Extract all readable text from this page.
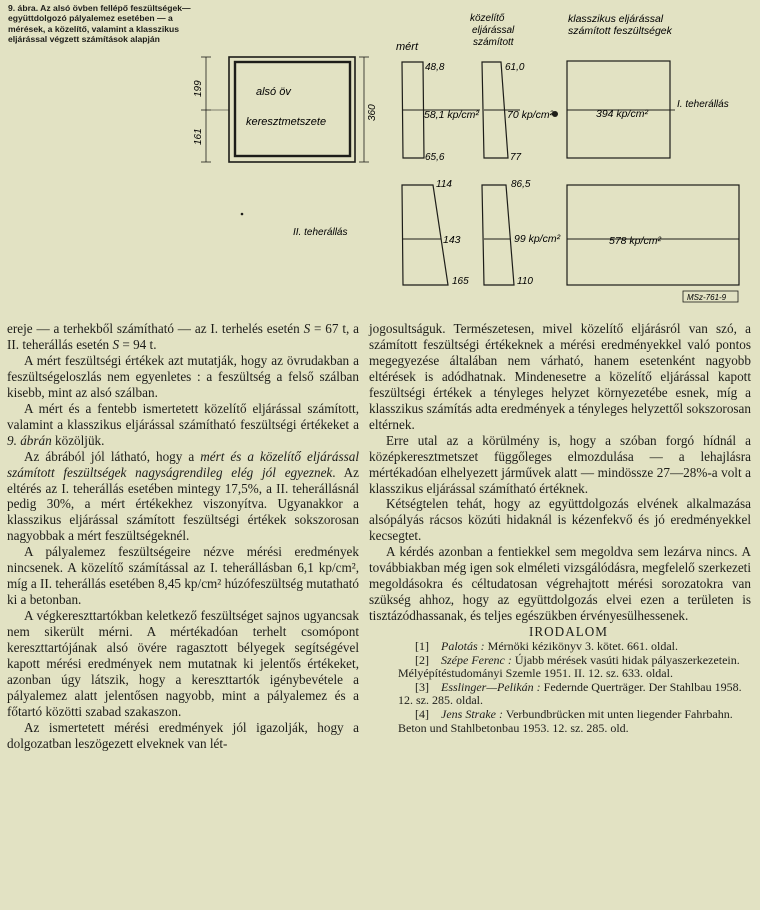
9. ábra. Az alsó övben fellépő feszültségek—együttdolgozó pályalemez esetében — a mérések, a közelítő, valamint a klasszikus eljárással végzett számítások alapján
mért
közelítő
eljárással
számított
klasszikus eljárással
számított feszültségek
alsó öv
keresztmetszete
199
161
360	I. teherállás
II. teherállás
48,8
58,1 kp/cm²
65,6
61,0
70 kp/cm²
77
394 kp/cm²
114
143
165
86,5
99 kp/cm²
110
578 kp/cm²
MSz-761-9

erejе — a terhekből számítható — az I. terhelés esetén S = 67 t, a II. teherállás esetén S = 94 t.

A mért feszültségi értékek azt mutatják, hogy az övrudakban a feszültségeloszlás nem egyenletes : a feszültség a felső szálban kisebb, mint az alsó szálban.

A mért és a fentebb ismertetett közelítő eljárással számított, valamint a klasszikus eljárással számítható feszültségi értékeket a 9. ábrán közöljük.

Az ábrából jól látható, hogy a mért és a közelítő eljárással számított feszültségek nagyságrendileg elég jól egyeznek. Az eltérés az I. teherállás esetében mintegy 17,5%, a II. teherállásnál pedig 30%, a mért értékekhez viszonyítva. Ugyanakkor a klasszikus eljárással számított feszültségi értékek sokszorosan nagyobbak a mért feszültségeknél.

A pályalemez feszültségeire nézve mérési eredmények nincsenek. A közelítő számítással az I. teherállásban 6,1 kp/cm², míg a II. teherállás esetében 8,45 kp/cm² húzófeszültség mutatható ki a betonban.

A végkereszttartókban keletkező feszültséget sajnos ugyancsak nem sikerült mérni. A mértékadóan terhelt csomópont kereszttartójának alsó övére ragasztott bélyegek segítségével kapott mérési eredmények nem mutatnak ki jelentős értékeket, azonban úgy látszik, hogy a kereszttartók igénybevétele a pályalemez alatt jelentősen nagyobb, mint a pályalemez és a főtartó közötti szabad szakaszon.

Az ismertetett mérési eredmények jól igazolják, hogy a dolgozatban leszögezett elveknek van lét-

jogosultságuk. Természetesen, mivel közelítő eljárásról van szó, a számított feszültségi értékeknek a mérési eredményekkel való pontos megegyezése általában nem várható, hanem esetenként nagyobb eltérések is adódhatnak. Mindenesetre a közelítő eljárással kapott feszültségi értékek a tényleges helyzet környezetébe esnek, míg a klasszikus számítás adta eredmények a tényleges helyzettől sokszorosan eltérnek.

Erre utal az a körülmény is, hogy a szóban forgó hídnál a középkeresztmetszet függőleges elmozdulása — a lehajlásra mértékadóan elhelyezett járművek alatt — mindössze 27—28%-a volt a klasszikus eljárással számítható értéknek.

Kétségtelen tehát, hogy az együttdolgozás elvének alkalmazása alsópályás rácsos közúti hidaknál is kézenfekvő és jó eredményekkel kecsegtet.

A kérdés azonban a fentiekkel sem megoldva sem lezárva nincs. A továbbiakban még igen sok elméleti vizsgálódásra, megfelelő szerkezeti megoldásokra és céltudatosan végrehajtott mérési sorozatokra van szükség ahhoz, hogy az együttdolgozás elvei ezen a területen is tisztázódhassanak, és teljes egészükben érvényesülhessenek.

IRODALOM

[1] Palotás : Mérnöki kézikönyv 3. kötet. 661. oldal.

[2] Szépe Ferenc : Újabb mérések vasúti hidak pályaszerkezetein. Mélyépítéstudományi Szemle 1951. II. 12. sz. 633. oldal.

[3] Esslinger—Pelikán : Federnde Querträger. Der Stahlbau 1958. 12. sz. 285. oldal.

[4] Jens Strake : Verbundbrücken mit unten liegender Fahrbahn. Beton und Stahlbetonbau 1953. 12. sz. 285. old.
